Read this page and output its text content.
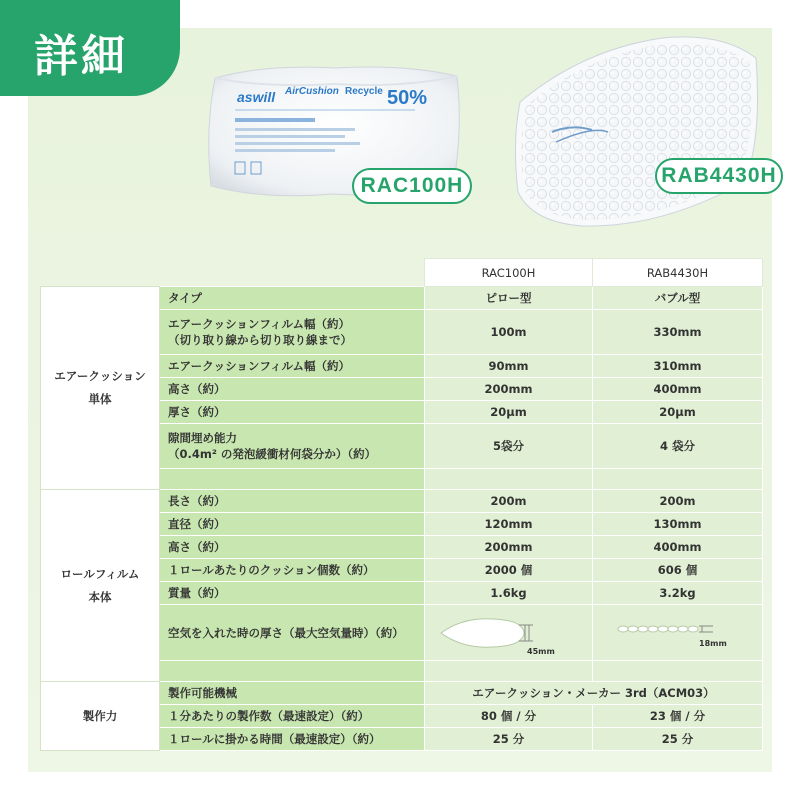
詳細
aswill AirCushion Recycle 50%
RAC100H	RAB4430H
		RAC100H	RAB4430H
エアークッション
単体	タイプ	ピロー型	バブル型
	エアークッションフィルム幅（約）
（切り取り線から切り取り線まで）	100m	330mm
	エアークッションフィルム幅（約）	90mm	310mm
	高さ（約）	200mm	400mm
	厚さ（約）	20μm	20μm
	隙間埋め能力
（0.4m² の発泡緩衝材何袋分か）（約）	5袋分	4 袋分

ロールフィルム
本体	長さ（約）	200m	200m
	直径（約）	120mm	130mm
	高さ（約）	200mm	400mm
	１ロールあたりのクッション個数（約）	2000 個	606 個
	質量（約）	1.6kg	3.2kg
	空気を入れた時の厚さ（最大空気量時）（約）	45mm	18mm

製作力	製作可能機械	エアークッション・メーカー 3rd（ACM03）	
	１分あたりの製作数（最速設定）（約）	80 個 / 分	23 個 / 分
	１ロールに掛かる時間（最速設定）（約）	25 分	25 分
